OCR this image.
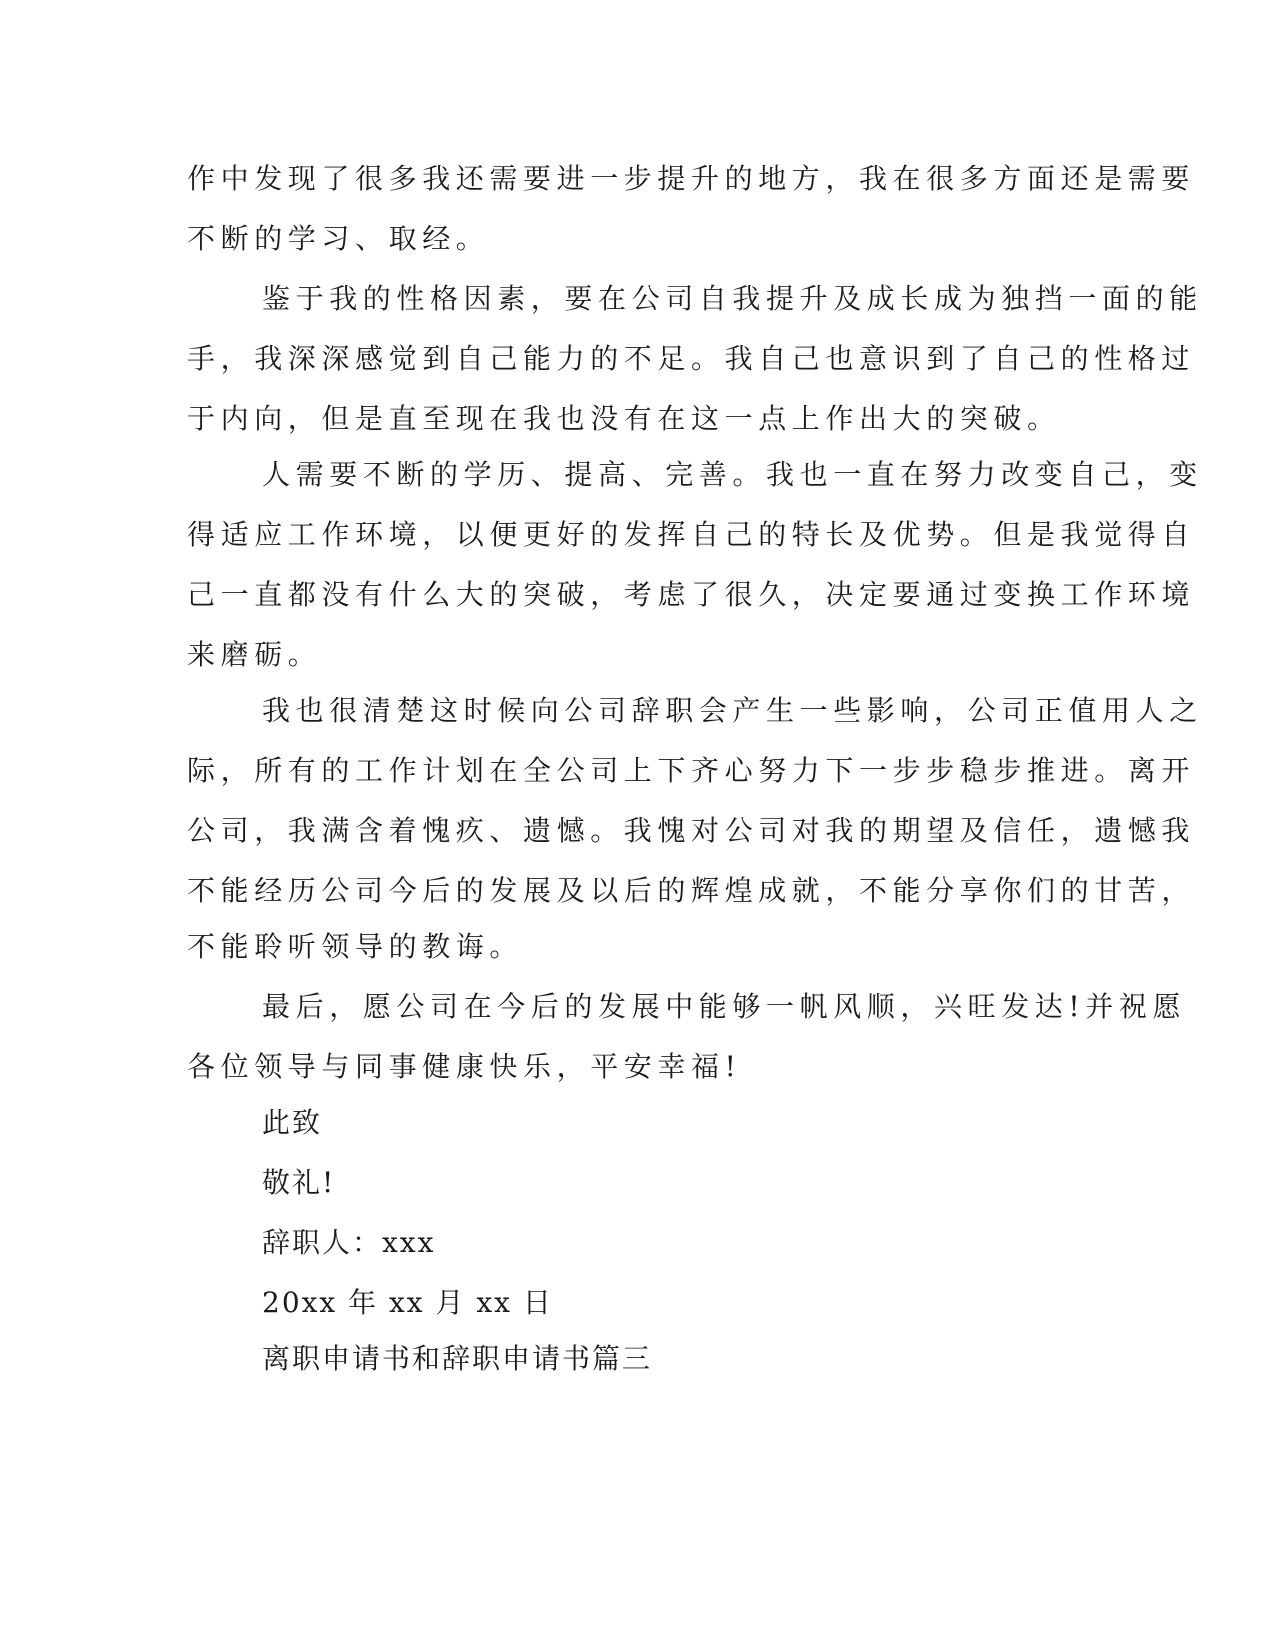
作中发现了很多我还需要进一步提升的地方，我在很多方面还是需要
不断的学习、取经。
鉴于我的性格因素，要在公司自我提升及成长成为独挡一面的能
手，我深深感觉到自己能力的不足。我自己也意识到了自己的性格过
于内向，但是直至现在我也没有在这一点上作出大的突破。
人需要不断的学历、提高、完善。我也一直在努力改变自己，变
得适应工作环境，以便更好的发挥自己的特长及优势。但是我觉得自
己一直都没有什么大的突破，考虑了很久，决定要通过变换工作环境
来磨砺。
我也很清楚这时候向公司辞职会产生一些影响，公司正值用人之
际，所有的工作计划在全公司上下齐心努力下一步步稳步推进。离开
公司，我满含着愧疚、遗憾。我愧对公司对我的期望及信任，遗憾我
不能经历公司今后的发展及以后的辉煌成就，不能分享你们的甘苦，
不能聆听领导的教诲。
最后，愿公司在今后的发展中能够一帆风顺，兴旺发达!并祝愿
各位领导与同事健康快乐，平安幸福!
此致
敬礼!
辞职人：xxx
20xx 年 xx 月 xx 日
离职申请书和辞职申请书篇三
